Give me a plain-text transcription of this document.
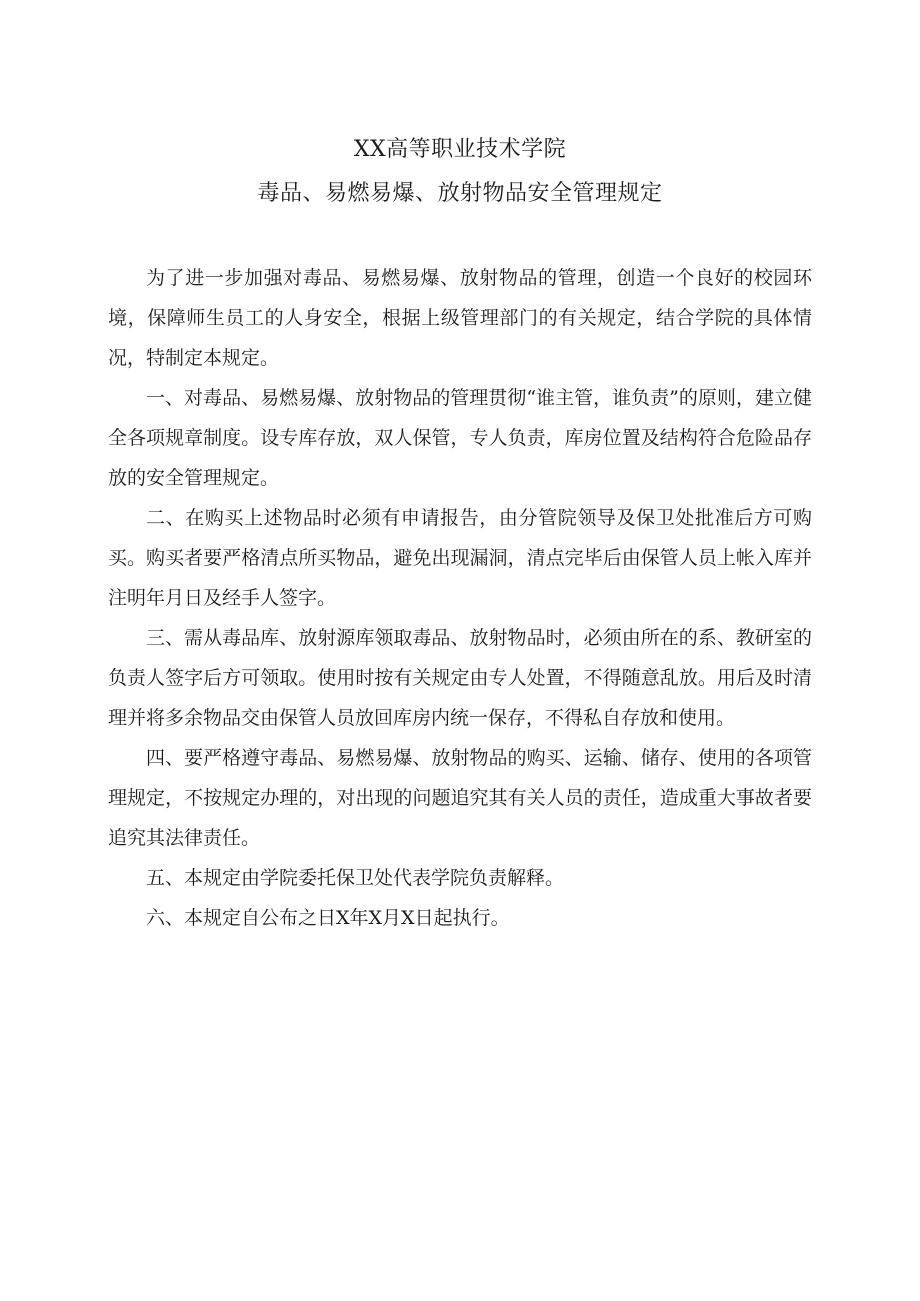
XX高等职业技术学院
毒品、易燃易爆、放射物品安全管理规定

为了进一步加强对毒品、易燃易爆、放射物品的管理，创造一个良好的校园环境，保障师生员工的人身安全，根据上级管理部门的有关规定，结合学院的具体情况，特制定本规定。

一、对毒品、易燃易爆、放射物品的管理贯彻“谁主管，谁负责”的原则，建立健全各项规章制度。设专库存放，双人保管，专人负责，库房位置及结构符合危险品存放的安全管理规定。

二、在购买上述物品时必须有申请报告，由分管院领导及保卫处批准后方可购买。购买者要严格清点所买物品，避免出现漏洞，清点完毕后由保管人员上帐入库并注明年月日及经手人签字。

三、需从毒品库、放射源库领取毒品、放射物品时，必须由所在的系、教研室的负责人签字后方可领取。使用时按有关规定由专人处置，不得随意乱放。用后及时清理并将多余物品交由保管人员放回库房内统一保存，不得私自存放和使用。

四、要严格遵守毒品、易燃易爆、放射物品的购买、运输、储存、使用的各项管理规定，不按规定办理的，对出现的问题追究其有关人员的责任，造成重大事故者要追究其法律责任。

五、本规定由学院委托保卫处代表学院负责解释。

六、本规定自公布之日X年X月X日起执行。
